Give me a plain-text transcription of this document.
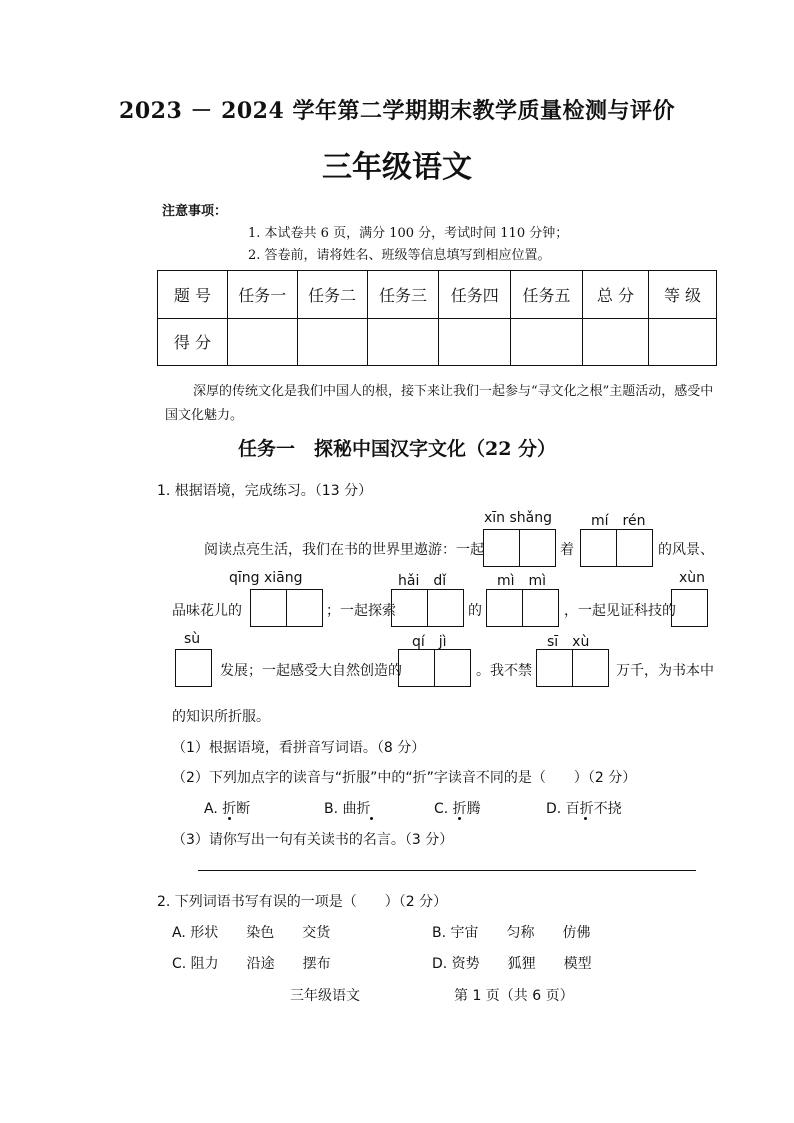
2023 － 2024 学年第二学期期末教学质量检测与评价
三年级语文
注意事项：
1. 本试卷共 6 页，满分 100 分，考试时间 110 分钟；
2. 答卷前，请将姓名、班级等信息填写到相应位置。
题 号	任务一	任务二	任务三	任务四	任务五	总 分	等 级
得 分							
深厚的传统文化是我们中国人的根，接下来让我们一起参与“寻文化之根”主题活动，感受中国文化魅力。
任务一　探秘中国汉字文化（22 分）
1. 根据语境，完成练习。（13 分）
xīn shǎng	mí　rén
阅读点亮生活，我们在书的世界里遨游：一起	着	的风景、
qīng xiāng	hǎi　dǐ	mì　mì	xùn
品味花儿的	；一起探索	的	，一起见证科技的
sù	qí　jì	sī　xù
发展；一起感受大自然创造的	。我不禁	万千，为书本中
的知识所折服。
（1）根据语境，看拼音写词语。（8 分）
（2）下列加点字的读音与“折服”中的“折”字读音不同的是（　　）（2 分）
A. 折断	B. 曲折	C. 折腾	D. 百折不挠
（3）请你写出一句有关读书的名言。（3 分）
2. 下列词语书写有误的一项是（　　）（2 分）
A. 形状　　染色　　交货	B. 宇宙　　匀称　　仿佛
C. 阻力　　沿途　　摆布	D. 资势　　狐狸　　模型
三年级语文	第 1 页（共 6 页）
